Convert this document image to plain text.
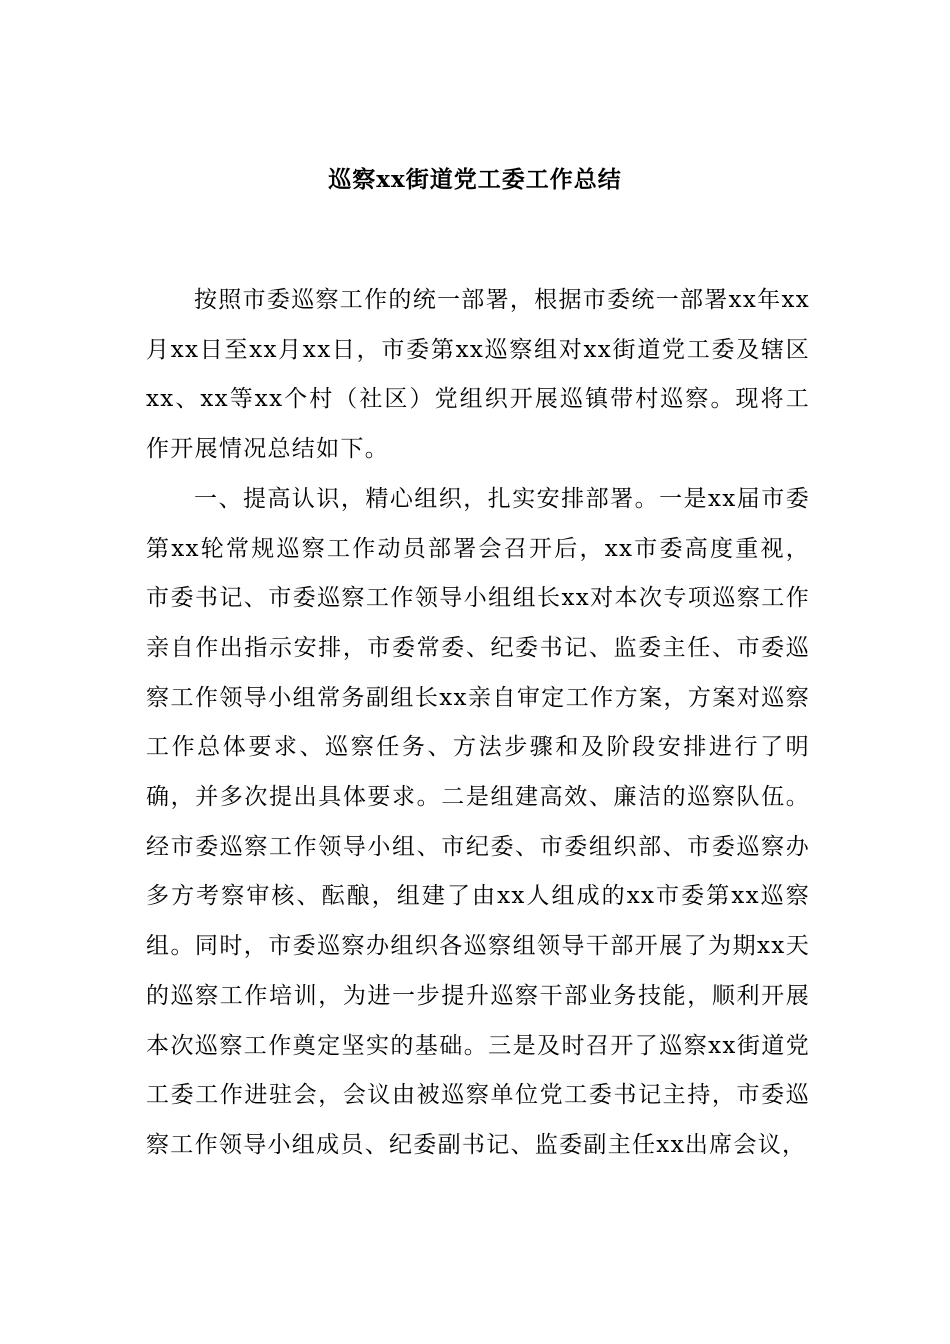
巡察xx街道党工委工作总结

按照市委巡察工作的统一部署，根据市委统一部署xx年xx月xx日至xx月xx日，市委第xx巡察组对xx街道党工委及辖区xx、xx等xx个村（社区）党组织开展巡镇带村巡察。现将工作开展情况总结如下。

一、提高认识，精心组织，扎实安排部署。一是xx届市委第xx轮常规巡察工作动员部署会召开后，xx市委高度重视，市委书记、市委巡察工作领导小组组长xx对本次专项巡察工作亲自作出指示安排，市委常委、纪委书记、监委主任、市委巡察工作领导小组常务副组长xx亲自审定工作方案，方案对巡察工作总体要求、巡察任务、方法步骤和及阶段安排进行了明确，并多次提出具体要求。二是组建高效、廉洁的巡察队伍。经市委巡察工作领导小组、市纪委、市委组织部、市委巡察办多方考察审核、酝酿，组建了由xx人组成的xx市委第xx巡察组。同时，市委巡察办组织各巡察组领导干部开展了为期xx天的巡察工作培训，为进一步提升巡察干部业务技能，顺利开展本次巡察工作奠定坚实的基础。三是及时召开了巡察xx街道党工委工作进驻会，会议由被巡察单位党工委书记主持，市委巡察工作领导小组成员、纪委副书记、监委副主任xx出席会议，
